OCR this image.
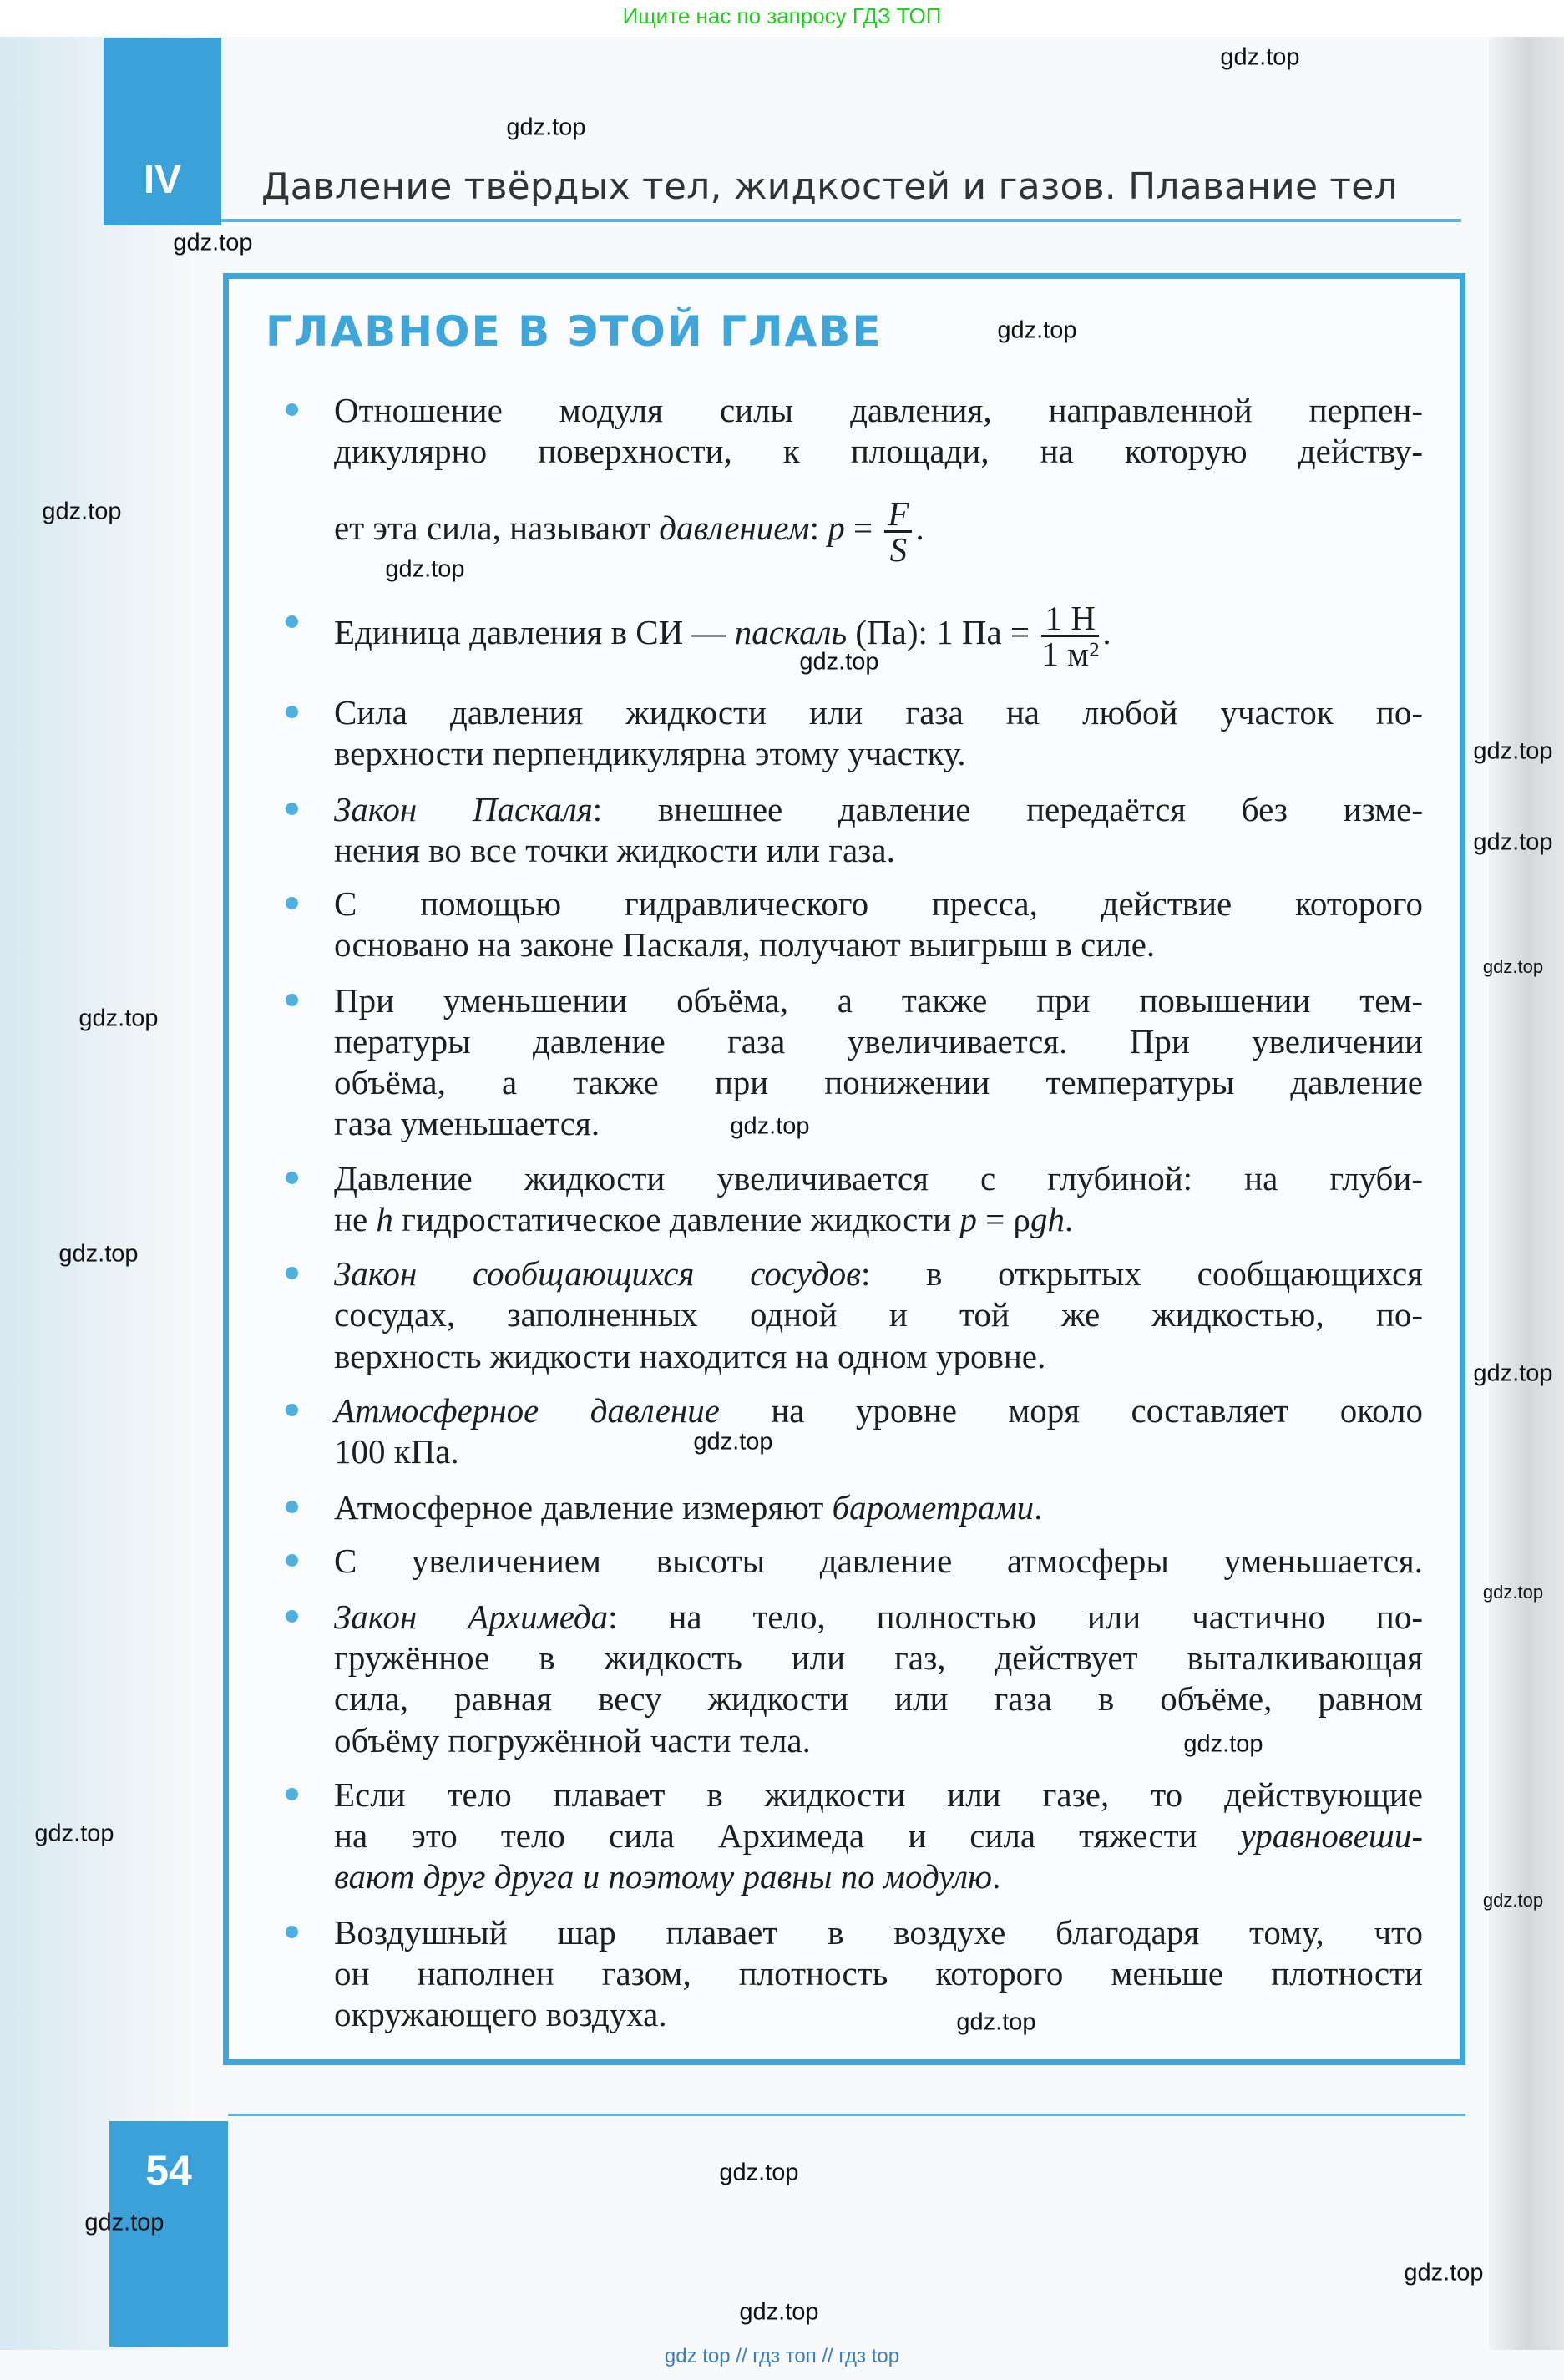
Ищите нас по запросу ГДЗ ТОП
IV	Давление твёрдых тел, жидкостей и газов. Плавание тел
ГЛАВНОЕ В ЭТОЙ ГЛАВЕ
Отношение модуля силы давления, направленной перпен-
дикулярно поверхности, к площади, на которую действу-
ет эта сила, называют давлением: $p = \frac{F}{S}$ .
Единица давления в СИ — паскаль (Па): 1 Па = $\frac{1 Н}{\text{1 м²}}$ .
Сила давления жидкости или газа на любой участок по-
верхности перпендикулярна этому участку.
Закон Паскаля: внешнее давление передаётся без изме-
нения во все точки жидкости или газа.
С помощью гидравлического пресса, действие которого
основано на законе Паскаля, получают выигрыш в силе.
При уменьшении объёма, а также при повышении тем-
пературы давление газа увеличивается. При увеличении
объёма, а также при понижении температуры давление
газа уменьшается.
Давление жидкости увеличивается с глубиной: на глуби-
не h гидростатическое давление жидкости p = ρgh.
Закон сообщающихся сосудов: в открытых сообщающихся
сосудах, заполненных одной и той же жидкостью, по-
верхность жидкости находится на одном уровне.
Атмосферное давление на уровне моря составляет около
100 кПа.
Атмосферное давление измеряют барометрами.
С увеличением высоты давление атмосферы уменьшается.
Закон Архимеда: на тело, полностью или частично по-
гружённое в жидкость или газ, действует выталкивающая
сила, равная весу жидкости или газа в объёме, равном
объёму погружённой части тела.
Если тело плавает в жидкости или газе, то действующие
на это тело сила Архимеда и сила тяжести уравновеши-
вают друг друга и поэтому равны по модулю.
Воздушный шар плавает в воздухе благодаря тому, что
он наполнен газом, плотность которого меньше плотности
окружающего воздуха.
54
gdz top // гдз топ // гдз top
gdz.top
gdz.top
gdz.top
gdz.top
gdz.top
gdz.top
gdz.top
gdz.top
gdz.top
gdz.top
gdz.top
gdz.top
gdz.top
gdz.top
gdz.top
gdz.top
gdz.top
gdz.top
gdz.top
gdz.top
gdz.top
gdz.top
gdz.top
gdz.top
